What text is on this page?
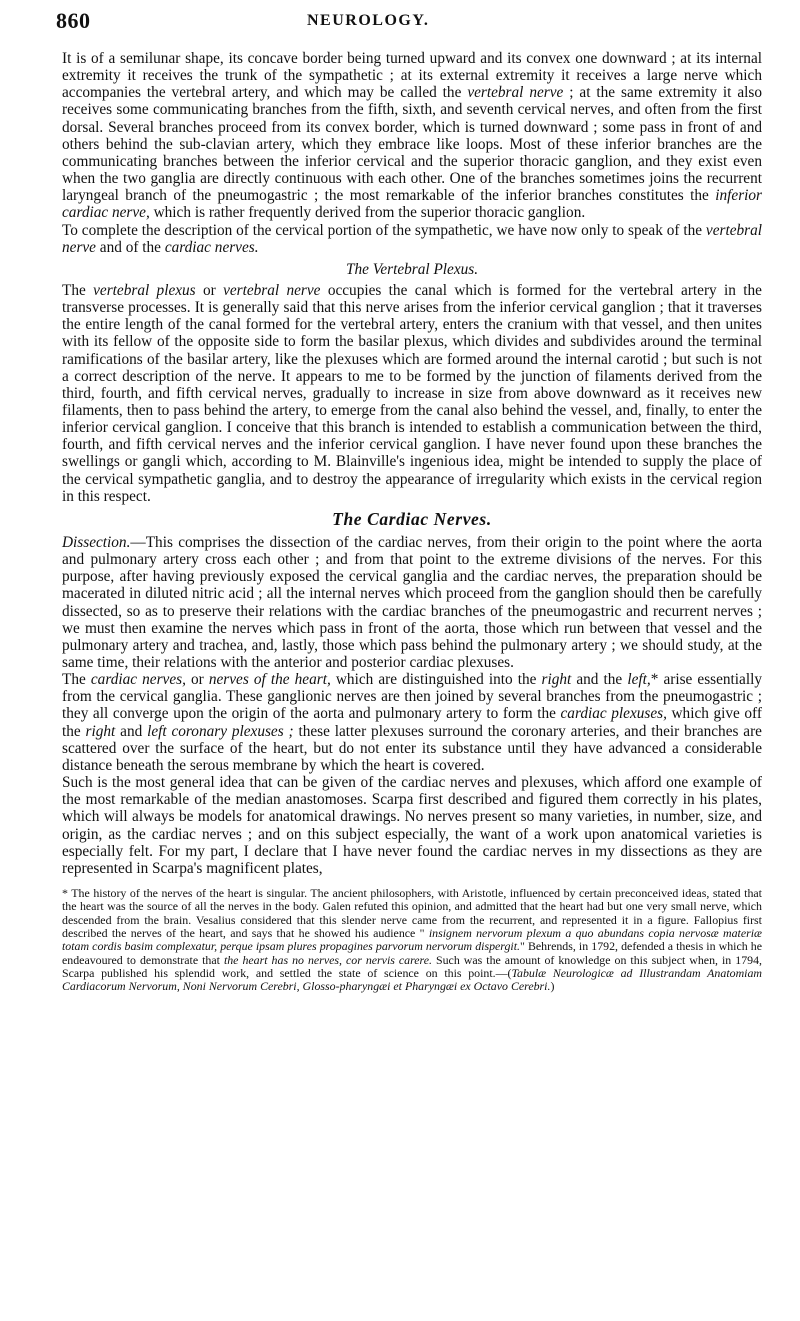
860	NEUROLOGY.

It is of a semilunar shape, its concave border being turned upward and its convex one downward ; at its internal extremity it receives the trunk of the sympathetic ; at its external extremity it receives a large nerve which accompanies the vertebral artery, and which may be called the vertebral nerve ; at the same extremity it also receives some communicating branches from the fifth, sixth, and seventh cervical nerves, and often from the first dorsal. Several branches proceed from its convex border, which is turned downward ; some pass in front of and others behind the sub-clavian artery, which they embrace like loops. Most of these inferior branches are the communicating branches between the inferior cervical and the superior thoracic ganglion, and they exist even when the two ganglia are directly continuous with each other. One of the branches sometimes joins the recurrent laryngeal branch of the pneumogastric ; the most remarkable of the inferior branches constitutes the inferior cardiac nerve, which is rather frequently derived from the superior thoracic ganglion.

To complete the description of the cervical portion of the sympathetic, we have now only to speak of the vertebral nerve and of the cardiac nerves.

The Vertebral Plexus.

The vertebral plexus or vertebral nerve occupies the canal which is formed for the vertebral artery in the transverse processes. It is generally said that this nerve arises from the inferior cervical ganglion ; that it traverses the entire length of the canal formed for the vertebral artery, enters the cranium with that vessel, and then unites with its fellow of the opposite side to form the basilar plexus, which divides and subdivides around the terminal ramifications of the basilar artery, like the plexuses which are formed around the internal carotid ; but such is not a correct description of the nerve. It appears to me to be formed by the junction of filaments derived from the third, fourth, and fifth cervical nerves, gradually to increase in size from above downward as it receives new filaments, then to pass behind the artery, to emerge from the canal also behind the vessel, and, finally, to enter the inferior cervical ganglion. I conceive that this branch is intended to establish a communication between the third, fourth, and fifth cervical nerves and the inferior cervical ganglion. I have never found upon these branches the swellings or gangli which, according to M. Blainville's ingenious idea, might be intended to supply the place of the cervical sympathetic ganglia, and to destroy the appearance of irregularity which exists in the cervical region in this respect.

The Cardiac Nerves.

Dissection.—This comprises the dissection of the cardiac nerves, from their origin to the point where the aorta and pulmonary artery cross each other ; and from that point to the extreme divisions of the nerves. For this purpose, after having previously exposed the cervical ganglia and the cardiac nerves, the preparation should be macerated in diluted nitric acid ; all the internal nerves which proceed from the ganglion should then be carefully dissected, so as to preserve their relations with the cardiac branches of the pneumogastric and recurrent nerves ; we must then examine the nerves which pass in front of the aorta, those which run between that vessel and the pulmonary artery and trachea, and, lastly, those which pass behind the pulmonary artery ; we should study, at the same time, their relations with the anterior and posterior cardiac plexuses.

The cardiac nerves, or nerves of the heart, which are distinguished into the right and the left,* arise essentially from the cervical ganglia. These ganglionic nerves are then joined by several branches from the pneumogastric ; they all converge upon the origin of the aorta and pulmonary artery to form the cardiac plexuses, which give off the right and left coronary plexuses ; these latter plexuses surround the coronary arteries, and their branches are scattered over the surface of the heart, but do not enter its substance until they have advanced a considerable distance beneath the serous membrane by which the heart is covered.

Such is the most general idea that can be given of the cardiac nerves and plexuses, which afford one example of the most remarkable of the median anastomoses. Scarpa first described and figured them correctly in his plates, which will always be models for anatomical drawings. No nerves present so many varieties, in number, size, and origin, as the cardiac nerves ; and on this subject especially, the want of a work upon anatomical varieties is especially felt. For my part, I declare that I have never found the cardiac nerves in my dissections as they are represented in Scarpa's magnificent plates,

* The history of the nerves of the heart is singular. The ancient philosophers, with Aristotle, influenced by certain preconceived ideas, stated that the heart was the source of all the nerves in the body. Galen refuted this opinion, and admitted that the heart had but one very small nerve, which descended from the brain. Vesalius considered that this slender nerve came from the recurrent, and represented it in a figure. Fallopius first described the nerves of the heart, and says that he showed his audience " insignem nervorum plexum a quo abundans copia nervosæ materiæ totam cordis basim complexatur, perque ipsam plures propagines parvorum nervorum dispergit." Behrends, in 1792, defended a thesis in which he endeavoured to demonstrate that the heart has no nerves, cor nervis carere. Such was the amount of knowledge on this subject when, in 1794, Scarpa published his splendid work, and settled the state of science on this point.—(Tabulæ Neurologicæ ad Illustrandam Anatomiam Cardiacorum Nervorum, Noni Nervorum Cerebri, Glosso-pharyngæi et Pharyngæi ex Octavo Cerebri.)
